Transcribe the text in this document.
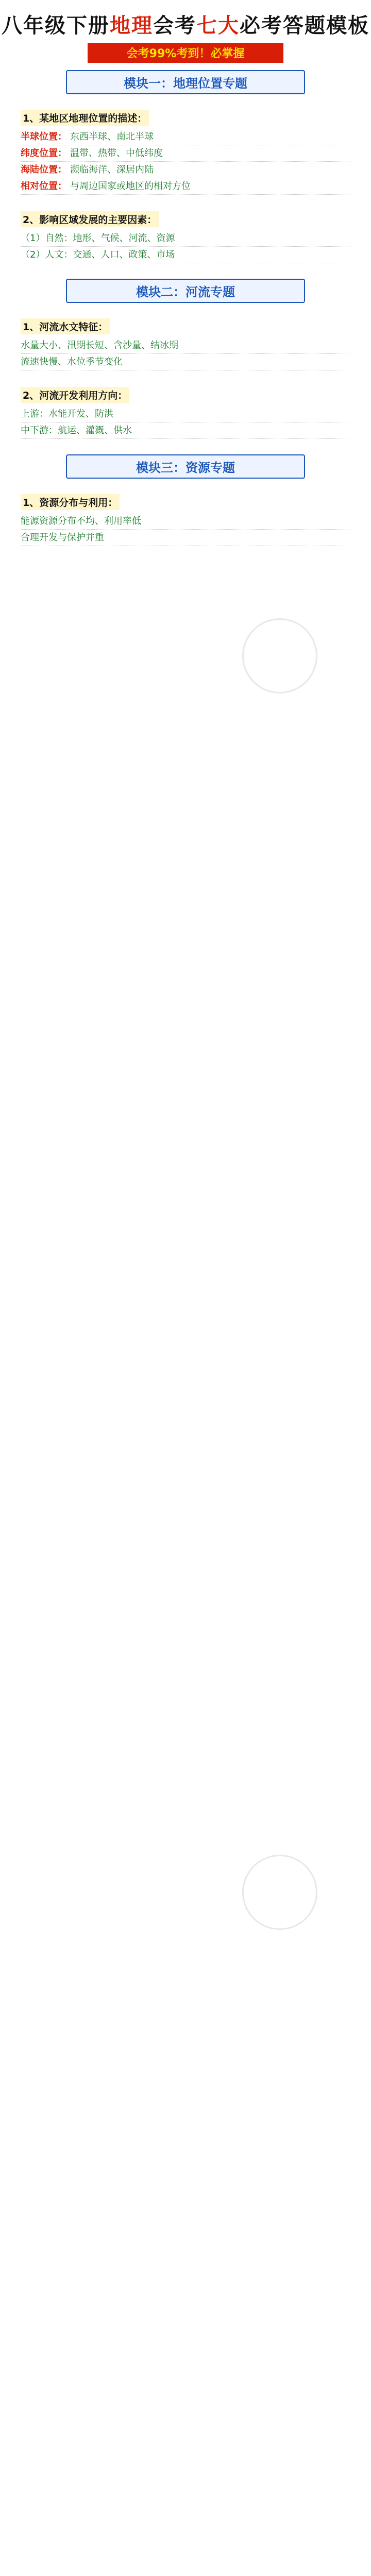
八年级下册地理会考七大必考答题模板
会考99%考到！必掌握
模块一：地理位置专题
1、某地区地理位置的描述：

半球位置： 东西半球、南北半球

纬度位置： 温带、热带、中低纬度

海陆位置： 濒临海洋、深居内陆

相对位置： 与周边国家或地区的相对方位

2、影响区域发展的主要因素：

（1）自然：地形、气候、河流、资源

（2）人文：交通、人口、政策、市场

模块二：河流专题
1、河流水文特征：

水量大小、汛期长短、含沙量、结冰期

流速快慢、水位季节变化

2、河流开发利用方向：

上游：水能开发、防洪

中下游：航运、灌溉、供水

模块三：资源专题
1、资源分布与利用：

能源资源分布不均、利用率低

合理开发与保护并重
